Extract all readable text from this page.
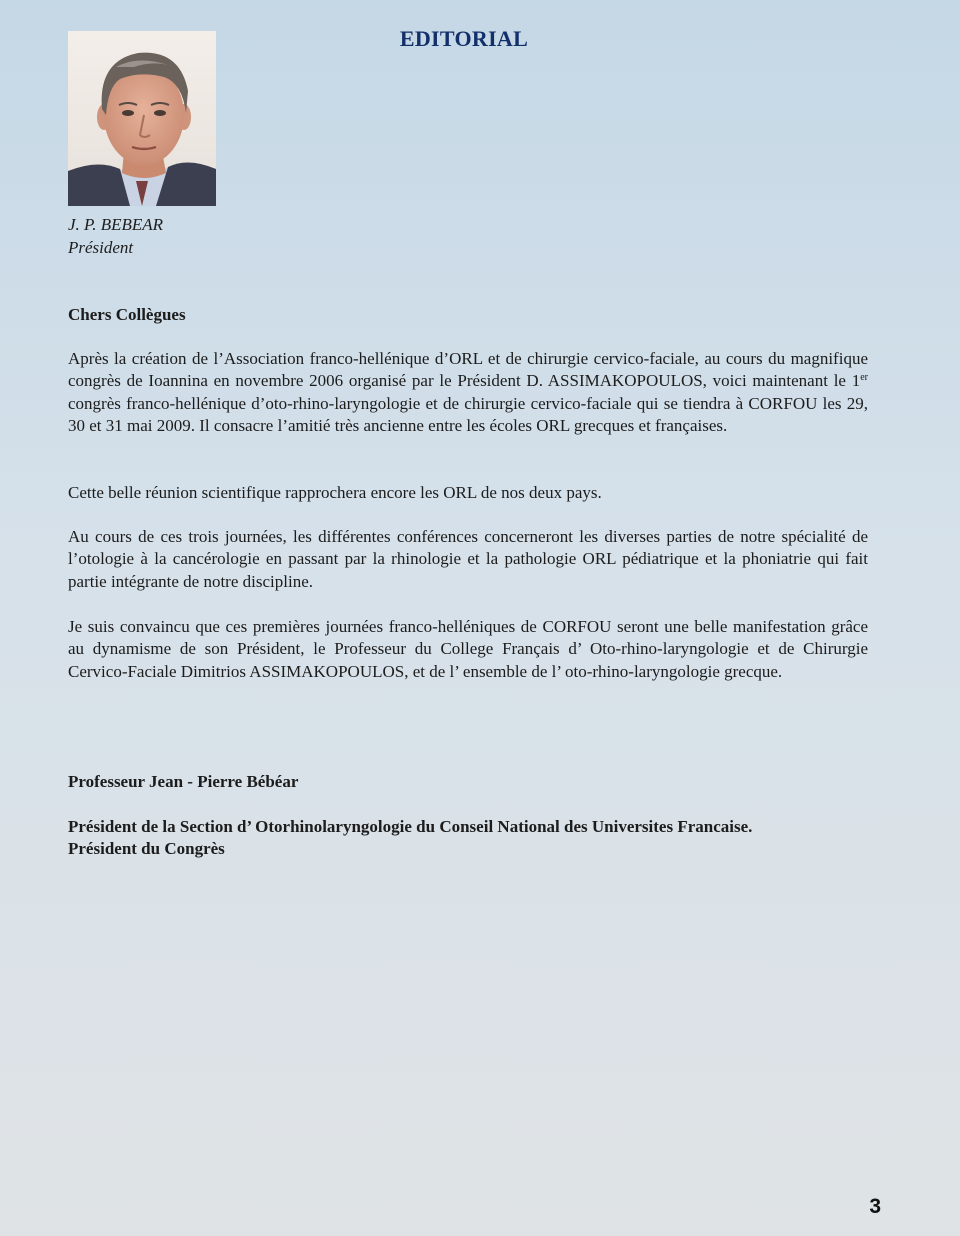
EDITORIAL
J. P. BEBEAR
Président
Chers Collègues
Après la création de l’Association franco-hellénique d’ORL et de chirurgie cervico-faciale, au cours du magnifique congrès de Ioannina en novembre 2006 organisé par le Président D. ASSIMAKOPOULOS, voici maintenant le 1er congrès franco-hellénique d’oto-rhino-laryngologie et de chirurgie cervico-faciale qui se tiendra à CORFOU les 29, 30 et 31 mai 2009. Il consacre l’amitié très ancienne entre les écoles ORL grecques et françaises.
Cette belle réunion scientifique rapprochera encore les ORL de nos deux pays.
Au cours de ces trois journées, les différentes conférences concerneront les diverses parties de notre spécialité de l’otologie à la cancérologie en passant par la rhinologie et la pathologie ORL pédiatrique et la phoniatrie qui fait partie intégrante de notre discipline.
Je suis convaincu que ces premières journées franco-helléniques de CORFOU seront une belle manifestation grâce au dynamisme de son Président, le Professeur du College Français d’ Oto-rhino-laryngologie et de Chirurgie Cervico-Faciale Dimitrios ASSIMAKOPOULOS, et de l’ ensemble de l’ oto-rhino-laryngologie grecque.
Professeur Jean - Pierre Bébéar
Président de la Section d’ Otorhinolaryngologie du Conseil National des Universites Francaise.
Président du Congrès
3
